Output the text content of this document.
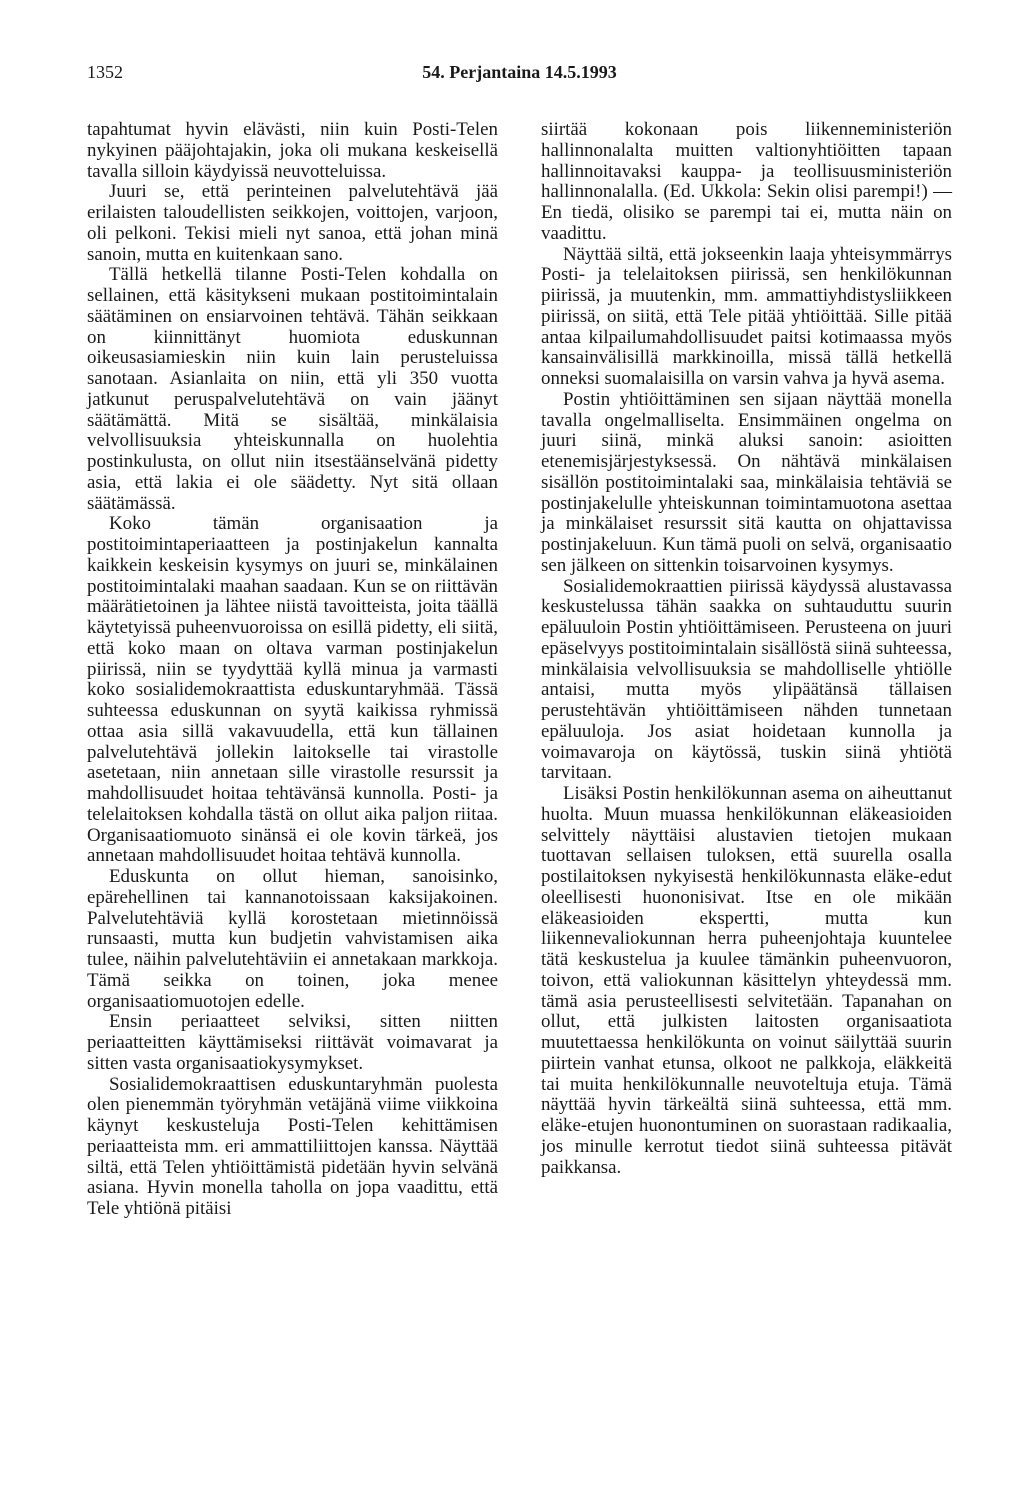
1352	54. Perjantaina 14.5.1993

tapahtumat hyvin elävästi, niin kuin Posti-Telen nykyinen pääjohtajakin, joka oli mukana keskeisellä tavalla silloin käydyissä neuvotteluissa.

Juuri se, että perinteinen palvelutehtävä jää erilaisten taloudellisten seikkojen, voittojen, varjoon, oli pelkoni. Tekisi mieli nyt sanoa, että johan minä sanoin, mutta en kuitenkaan sano.

Tällä hetkellä tilanne Posti-Telen kohdalla on sellainen, että käsitykseni mukaan postitoimintalain säätäminen on ensiarvoinen tehtävä. Tähän seikkaan on kiinnittänyt huomiota eduskunnan oikeusasiamieskin niin kuin lain perusteluissa sanotaan. Asianlaita on niin, että yli 350 vuotta jatkunut peruspalvelutehtävä on vain jäänyt säätämättä. Mitä se sisältää, minkälaisia velvollisuuksia yhteiskunnalla on huolehtia postinkulusta, on ollut niin itsestäänselvänä pidetty asia, että lakia ei ole säädetty. Nyt sitä ollaan säätämässä.

Koko tämän organisaation ja postitoimintaperiaatteen ja postinjakelun kannalta kaikkein keskeisin kysymys on juuri se, minkälainen postitoimintalaki maahan saadaan. Kun se on riittävän määrätietoinen ja lähtee niistä tavoitteista, joita täällä käytetyissä puheenvuoroissa on esillä pidetty, eli siitä, että koko maan on oltava varman postinjakelun piirissä, niin se tyydyttää kyllä minua ja varmasti koko sosialidemokraattista eduskuntaryhmää. Tässä suhteessa eduskunnan on syytä kaikissa ryhmissä ottaa asia sillä vakavuudella, että kun tällainen palvelutehtävä jollekin laitokselle tai virastolle asetetaan, niin annetaan sille virastolle resurssit ja mahdollisuudet hoitaa tehtävänsä kunnolla. Posti- ja telelaitoksen kohdalla tästä on ollut aika paljon riitaa. Organisaatiomuoto sinänsä ei ole kovin tärkeä, jos annetaan mahdollisuudet hoitaa tehtävä kunnolla.

Eduskunta on ollut hieman, sanoisinko, epärehellinen tai kannanotoissaan kaksijakoinen. Palvelutehtäviä kyllä korostetaan mietinnöissä runsaasti, mutta kun budjetin vahvistamisen aika tulee, näihin palvelutehtäviin ei annetakaan markkoja. Tämä seikka on toinen, joka menee organisaatiomuotojen edelle.

Ensin periaatteet selviksi, sitten niitten periaatteitten käyttämiseksi riittävät voimavarat ja sitten vasta organisaatiokysymykset.

Sosialidemokraattisen eduskuntaryhmän puolesta olen pienemmän työryhmän vetäjänä viime viikkoina käynyt keskusteluja Posti-Telen kehittämisen periaatteista mm. eri ammattiliittojen kanssa. Näyttää siltä, että Telen yhtiöittämistä pidetään hyvin selvänä asiana. Hyvin monella taholla on jopa vaadittu, että Tele yhtiönä pitäisi

siirtää kokonaan pois liikenneministeriön hallinnonalalta muitten valtionyhtiöitten tapaan hallinnoitavaksi kauppa- ja teollisuusministeriön hallinnonalalla. (Ed. Ukkola: Sekin olisi parempi!) — En tiedä, olisiko se parempi tai ei, mutta näin on vaadittu.

Näyttää siltä, että jokseenkin laaja yhteisymmärrys Posti- ja telelaitoksen piirissä, sen henkilökunnan piirissä, ja muutenkin, mm. ammattiyhdistysliikkeen piirissä, on siitä, että Tele pitää yhtiöittää. Sille pitää antaa kilpailumahdollisuudet paitsi kotimaassa myös kansainvälisillä markkinoilla, missä tällä hetkellä onneksi suomalaisilla on varsin vahva ja hyvä asema.

Postin yhtiöittäminen sen sijaan näyttää monella tavalla ongelmalliselta. Ensimmäinen ongelma on juuri siinä, minkä aluksi sanoin: asioitten etenemisjärjestyksessä. On nähtävä minkälaisen sisällön postitoimintalaki saa, minkälaisia tehtäviä se postinjakelulle yhteiskunnan toimintamuotona asettaa ja minkälaiset resurssit sitä kautta on ohjattavissa postinjakeluun. Kun tämä puoli on selvä, organisaatio sen jälkeen on sittenkin toisarvoinen kysymys.

Sosialidemokraattien piirissä käydyssä alustavassa keskustelussa tähän saakka on suhtauduttu suurin epäluuloin Postin yhtiöittämiseen. Perusteena on juuri epäselvyys postitoimintalain sisällöstä siinä suhteessa, minkälaisia velvollisuuksia se mahdolliselle yhtiölle antaisi, mutta myös ylipäätänsä tällaisen perustehtävän yhtiöittämiseen nähden tunnetaan epäluuloja. Jos asiat hoidetaan kunnolla ja voimavaroja on käytössä, tuskin siinä yhtiötä tarvitaan.

Lisäksi Postin henkilökunnan asema on aiheuttanut huolta. Muun muassa henkilökunnan eläkeasioiden selvittely näyttäisi alustavien tietojen mukaan tuottavan sellaisen tuloksen, että suurella osalla postilaitoksen nykyisestä henkilökunnasta eläke-edut oleellisesti huononisivat. Itse en ole mikään eläkeasioiden ekspertti, mutta kun liikennevaliokunnan herra puheenjohtaja kuuntelee tätä keskustelua ja kuulee tämänkin puheenvuoron, toivon, että valiokunnan käsittelyn yhteydessä mm. tämä asia perusteellisesti selvitetään. Tapanahan on ollut, että julkisten laitosten organisaatiota muutettaessa henkilökunta on voinut säilyttää suurin piirtein vanhat etunsa, olkoot ne palkkoja, eläkkeitä tai muita henkilökunnalle neuvoteltuja etuja. Tämä näyttää hyvin tärkeältä siinä suhteessa, että mm. eläke-etujen huonontuminen on suorastaan radikaalia, jos minulle kerrotut tiedot siinä suhteessa pitävät paikkansa.
